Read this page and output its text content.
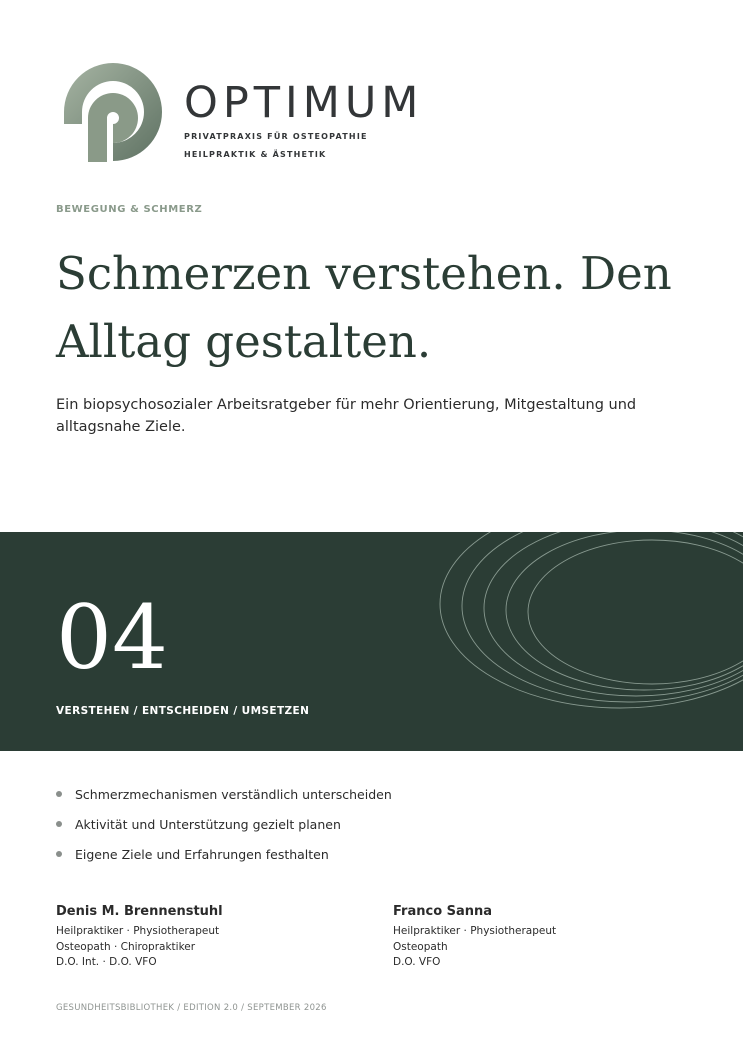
OPTIMUM
PRIVATPRAXIS FÜR OSTEOPATHIE
HEILPRAKTIK & ÄSTHETIK
BEWEGUNG & SCHMERZ
Schmerzen verstehen. Den Alltag gestalten.
Ein biopsychosozialer Arbeitsratgeber für mehr Orientierung, Mitgestaltung und alltagsnahe Ziele.
04
VERSTEHEN / ENTSCHEIDEN / UMSETZEN
Schmerzmechanismen verständlich unterscheiden
Aktivität und Unterstützung gezielt planen
Eigene Ziele und Erfahrungen festhalten
Denis M. Brennenstuhl
Heilpraktiker · Physiotherapeut
Osteopath · Chiropraktiker
D.O. Int. · D.O. VFO
Franco Sanna
Heilpraktiker · Physiotherapeut
Osteopath
D.O. VFO
GESUNDHEITSBIBLIOTHEK / EDITION 2.0 / SEPTEMBER 2026
